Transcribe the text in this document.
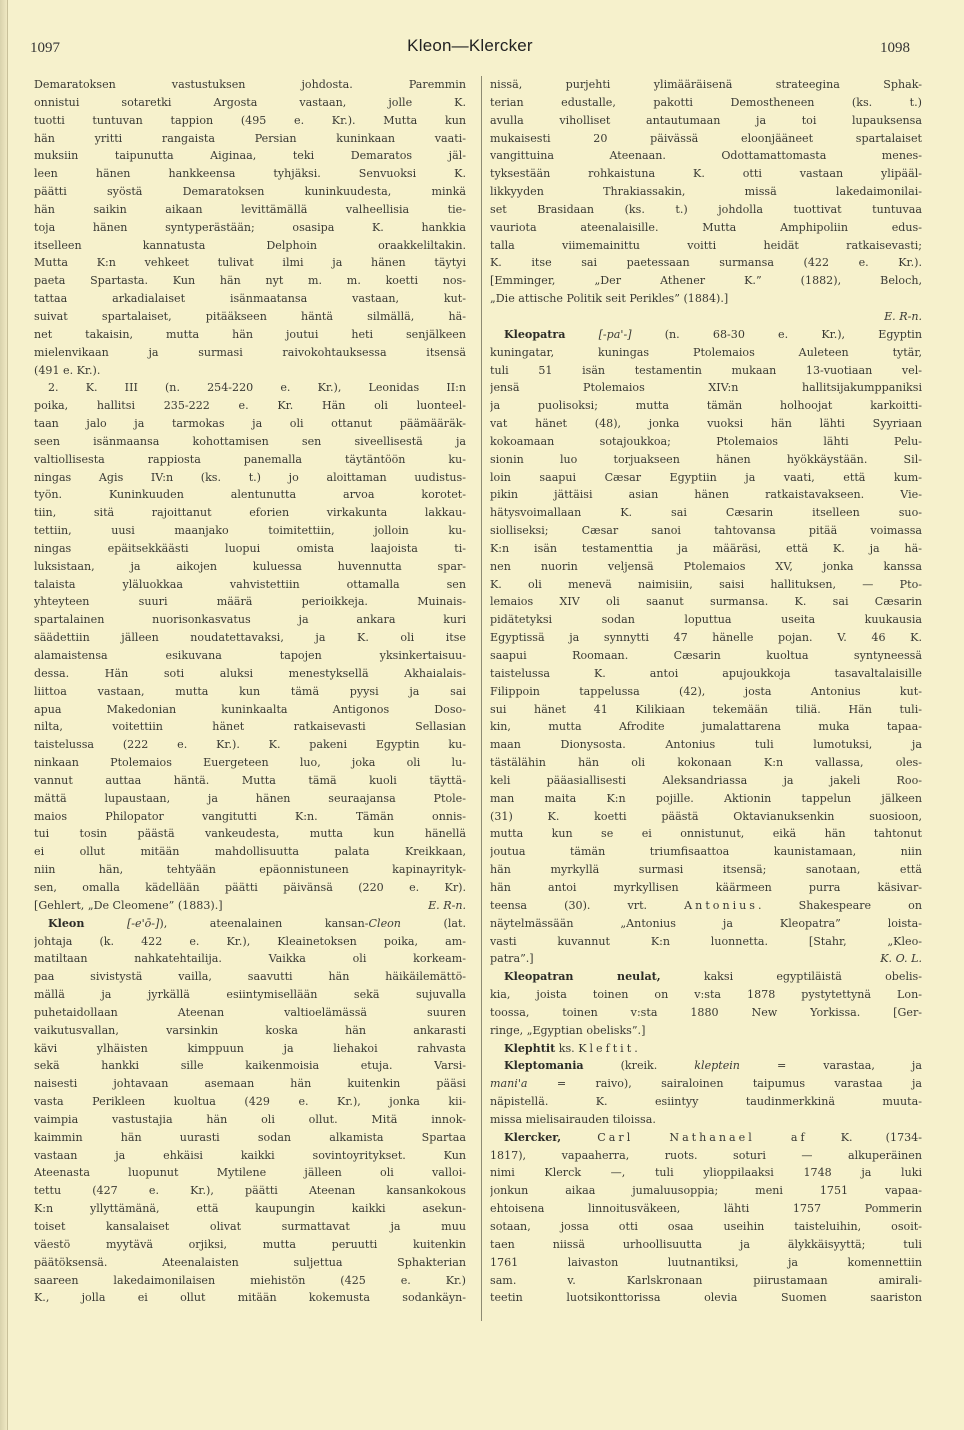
1097	Kleon—Klercker	1098
Demaratoksen vastustuksen johdosta. Paremmin
onnistui sotaretki Argosta vastaan, jolle K.
tuotti tuntuvan tappion (495 e. Kr.). Mutta kun
hän yritti rangaista Persian kuninkaan vaati-
muksiin taipunutta Aiginaa, teki Demaratos jäl-
leen hänen hankkeensa tyhjäksi. Senvuoksi K.
päätti syöstä Demaratoksen kuninkuudesta, minkä
hän saikin aikaan levittämällä valheellisia tie-
toja hänen syntyperästään; osasipa K. hankkia
itselleen kannatusta Delphoin oraakkeliltakin.
Mutta K:n vehkeet tulivat ilmi ja hänen täytyi
paeta Spartasta. Kun hän nyt m. m. koetti nos-
tattaa arkadialaiset isänmaatansa vastaan, kut-
suivat spartalaiset, pitääkseen häntä silmällä, hä-
net takaisin, mutta hän joutui heti senjälkeen
mielenvikaan ja surmasi raivokohtauksessa itsensä
(491 e. Kr.).
2. K. III (n. 254-220 e. Kr.), Leonidas II:n
poika, hallitsi 235-222 e. Kr. Hän oli luonteel-
taan jalo ja tarmokas ja oli ottanut päämääräk-
seen isänmaansa kohottamisen sen siveellisestä ja
valtiollisesta rappiosta panemalla täytäntöön ku-
ningas Agis IV:n (ks. t.) jo aloittaman uudistus-
työn. Kuninkuuden alentunutta arvoa korotet-
tiin, sitä rajoittanut eforien virkakunta lakkau-
tettiin, uusi maanjako toimitettiin, jolloin ku-
ningas epäitsekkäästi luopui omista laajoista ti-
luksistaan, ja aikojen kuluessa huvennutta spar-
talaista yläluokkaa vahvistettiin ottamalla sen
yhteyteen suuri määrä perioikkeja. Muinais-
spartalainen nuorisonkasvatus ja ankara kuri
säädettiin jälleen noudatettavaksi, ja K. oli itse
alamaistensa esikuvana tapojen yksinkertaisuu-
dessa. Hän soti aluksi menestyksellä Akhaialais-
liittoa vastaan, mutta kun tämä pyysi ja sai
apua Makedonian kuninkaalta Antigonos Doso-
nilta, voitettiin hänet ratkaisevasti Sellasian
taistelussa (222 e. Kr.). K. pakeni Egyptin ku-
ninkaan Ptolemaios Euergeteen luo, joka oli lu-
vannut auttaa häntä. Mutta tämä kuoli täyttä-
mättä lupaustaan, ja hänen seuraajansa Ptole-
maios Philopator vangitutti K:n. Tämän onnis-
tui tosin päästä vankeudesta, mutta kun hänellä
ei ollut mitään mahdollisuutta palata Kreikkaan,
niin hän, tehtyään epäonnistuneen kapinayrityk-
sen, omalla kädellään päätti päivänsä (220 e. Kr).
[Gehlert, „De Cleomene” (1883).]	E. R-n.
Kleon	[-e'ō-]), ateenalainen kansan-Cleon (lat.
johtaja (k. 422 e. Kr.), Kleainetoksen poika, am-
matiltaan nahkatehtailija. Vaikka oli korkeam-
paa sivistystä vailla, saavutti hän häikäilemättö-
mällä ja jyrkällä esiintymisellään sekä sujuvalla
puhetaidollaan Ateenan valtioelämässä suuren
vaikutusvallan, varsinkin koska hän ankarasti
kävi ylhäisten kimppuun ja liehakoi rahvasta
sekä hankki sille kaikenmoisia etuja. Varsi-
naisesti johtavaan asemaan hän kuitenkin pääsi
vasta Perikleen kuoltua (429 e. Kr.), jonka kii-
vaimpia vastustajia hän oli ollut. Mitä innok-
kaimmin hän uurasti sodan alkamista Spartaa
vastaan ja ehkäisi kaikki sovintoyritykset. Kun
Ateenasta luopunut Mytilene jälleen oli valloi-
tettu (427 e. Kr.), päätti Ateenan kansankokous
K:n yllyttämänä, että kaupungin kaikki asekun-
toiset kansalaiset olivat surmattavat ja muu
väestö myytävä orjiksi, mutta peruutti kuitenkin
päätöksensä. Ateenalaisten suljettua Sphakterian
saareen lakedaimonilaisen miehistön (425 e. Kr.)
K., jolla ei ollut mitään kokemusta sodankäyn-
nissä, purjehti ylimääräisenä strateegina Sphak-
terian edustalle, pakotti Demostheneen (ks. t.)
avulla viholliset antautumaan ja toi lupauksensa
mukaisesti 20 päivässä eloonjääneet spartalaiset
vangittuina Ateenaan. Odottamattomasta menes-
tyksestään rohkaistuna K. otti vastaan ylipääl-
likkyyden Thrakiassakin, missä lakedaimonilai-
set Brasidaan (ks. t.) johdolla tuottivat tuntuvaa
vauriota ateenalaisille. Mutta Amphipoliin edus-
talla viimemainittu voitti heidät ratkaisevasti;
K. itse sai paetessaan surmansa (422 e. Kr.).
[Emminger, „Der Athener K.” (1882), Beloch,
„Die attische Politik seit Perikles” (1884).]
E. R-n.
Kleopatra	[-pa'-] (n. 68-30 e. Kr.), Egyptin
kuningatar, kuningas Ptolemaios Auleteen tytär,
tuli 51 isän testamentin mukaan 13-vuotiaan vel-
jensä Ptolemaios XIV:n hallitsijakumppaniksi
ja puolisoksi; mutta tämän holhoojat karkoitti-
vat hänet (48), jonka vuoksi hän lähti Syyriaan
kokoamaan sotajoukkoa; Ptolemaios lähti Pelu-
sionin luo torjuakseen hänen hyökkäystään. Sil-
loin saapui Cæsar Egyptiin ja vaati, että kum-
pikin jättäisi asian hänen ratkaistavakseen. Vie-
hätysvoimallaan K. sai Cæsarin itselleen suo-
siolliseksi; Cæsar sanoi tahtovansa pitää voimassa
K:n isän testamenttia ja määräsi, että K. ja hä-
nen nuorin veljensä Ptolemaios XV, jonka kanssa
K. oli menevä naimisiin, saisi hallituksen, — Pto-
lemaios XIV oli saanut surmansa. K. sai Cæsarin
pidätetyksi sodan loputtua useita kuukausia
Egyptissä ja synnytti 47 hänelle pojan. V. 46 K.
saapui Roomaan. Cæsarin kuoltua syntyneessä
taistelussa K. antoi apujoukkoja tasavaltalaisille
Filippoin tappelussa (42), josta Antonius kut-
sui hänet 41 Kilikiaan tekemään tiliä. Hän tuli-
kin, mutta Afrodite jumalattarena muka tapaa-
maan Dionysosta. Antonius tuli lumotuksi, ja
tästälähin hän oli kokonaan K:n vallassa, oles-
keli pääasiallisesti Aleksandriassa ja jakeli Roo-
man maita K:n pojille. Aktionin tappelun jälkeen
(31) K. koetti päästä Oktavianuksenkin suosioon,
mutta kun se ei onnistunut, eikä hän tahtonut
joutua tämän triumfisaattoa kaunistamaan, niin
hän myrkyllä surmasi itsensä; sanotaan, että
hän antoi myrkyllisen käärmeen purra käsivar-
teensa (30). vrt. Antonius. Shakespeare on
näytelmässään „Antonius ja Kleopatra” loista-
vasti kuvannut K:n luonnetta. [Stahr, „Kleo-
patra”.]	K. O. L.
Kleopatran neulat, kaksi egyptiläistä obelis-
kia, joista toinen on v:sta 1878 pystytettynä Lon-
toossa, toinen v:sta 1880 New Yorkissa. [Ger-
ringe, „Egyptian obelisks”.]
Klephtit ks. Kleftit.
Kleptomania (kreik. kleptein = varastaa, ja
mani'a = raivo), sairaloinen taipumus varastaa ja
näpistellä. K. esiintyy taudinmerkkinä muuta-
missa mielisairauden tiloissa.
Klercker, Carl Nathanael af K. (1734-
1817), vapaaherra, ruots. soturi — alkuperäinen
nimi Klerck —, tuli ylioppilaaksi 1748 ja luki
jonkun aikaa jumaluusoppia; meni 1751 vapaa-
ehtoisena linnoitusväkeen, lähti 1757 Pommerin
sotaan, jossa otti osaa useihin taisteluihin, osoit-
taen niissä urhoollisuutta ja älykkäisyyttä; tuli
1761 laivaston luutnantiksi, ja komennettiin
sam. v. Karlskronaan piirustamaan amirali-
teetin luotsikonttorissa olevia Suomen saariston
